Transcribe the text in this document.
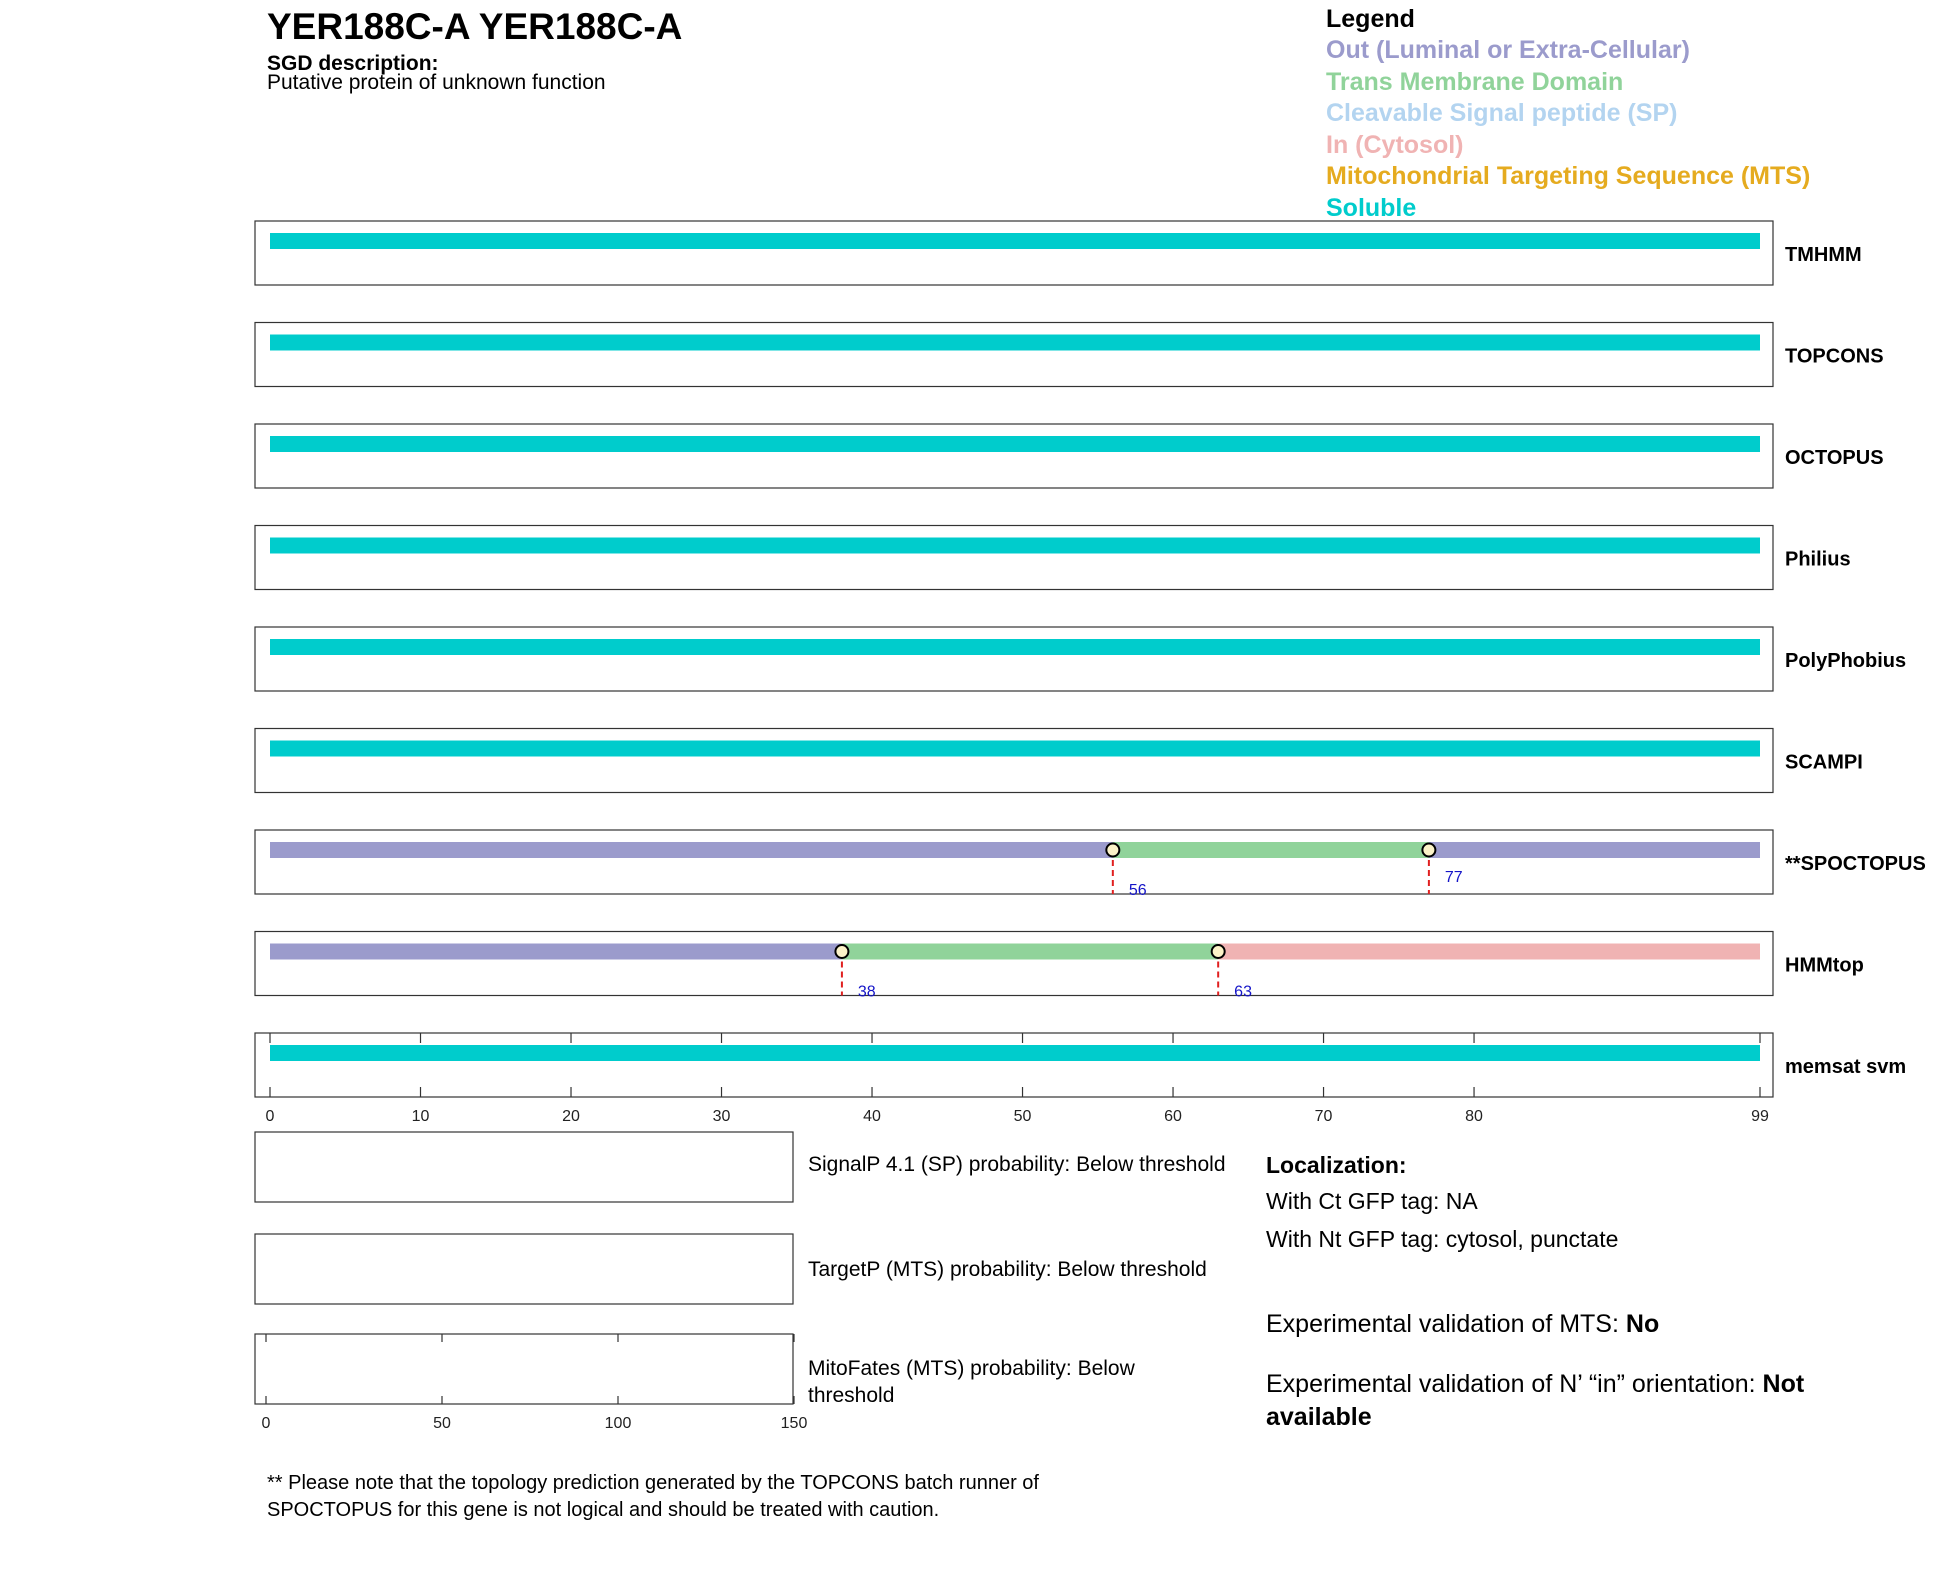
YER188C-A YER188C-A
SGD description:
Putative protein of unknown function
Legend
Out (Luminal or Extra-Cellular)
Trans Membrane Domain
Cleavable Signal peptide (SP)
In (Cytosol)
Mitochondrial Targeting Sequence (MTS)
Soluble
TMHMM
TOPCONS
OCTOPUS
Philius
PolyPhobius
SCAMPI
56
77
**SPOCTOPUS
38	63
HMMtop
memsat svm
0	10	20	30	40	50	60	70	80	99
0	50	100	150
SignalP 4.1 (SP) probability: Below threshold
TargetP (MTS) probability: Below threshold
MitoFates (MTS) probability: Below threshold
Localization:
With Ct GFP tag: NA
With Nt GFP tag: cytosol, punctate
Experimental validation of MTS: No
Experimental validation of N’ “in” orientation: Not available
** Please note that the topology prediction generated by the TOPCONS batch runner of SPOCTOPUS for this gene is not logical and should be treated with caution.
